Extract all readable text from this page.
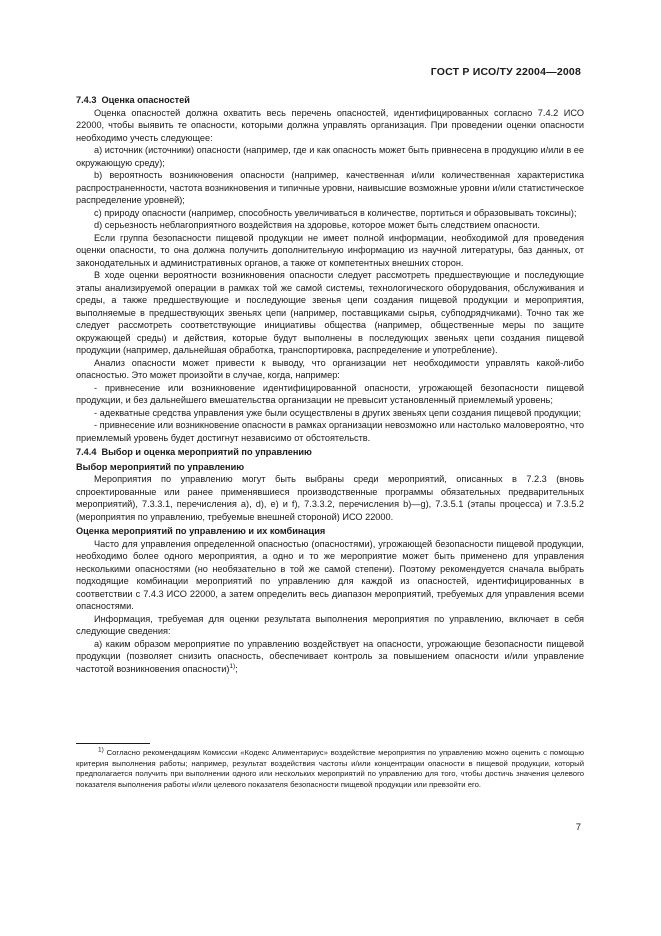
ГОСТ Р ИСО/ТУ 22004—2008

7.4.3 Оценка опасностей

Оценка опасностей должна охватить весь перечень опасностей, идентифицированных согласно 7.4.2 ИСО 22000, чтобы выявить те опасности, которыми должна управлять организация. При проведении оценки опасности необходимо учесть следующее:

a) источник (источники) опасности (например, где и как опасность может быть привнесена в продукцию и/или в ее окружающую среду);

b) вероятность возникновения опасности (например, качественная и/или количественная характеристика распространенности, частота возникновения и типичные уровни, наивысшие возможные уровни и/или статистическое распределение уровней);

c) природу опасности (например, способность увеличиваться в количестве, портиться и образовывать токсины);

d) серьезность неблагоприятного воздействия на здоровье, которое может быть следствием опасности.

Если группа безопасности пищевой продукции не имеет полной информации, необходимой для проведения оценки опасности, то она должна получить дополнительную информацию из научной литературы, баз данных, от законодательных и административных органов, а также от компетентных внешних сторон.

В ходе оценки вероятности возникновения опасности следует рассмотреть предшествующие и последующие этапы анализируемой операции в рамках той же самой системы, технологического оборудования, обслуживания и среды, а также предшествующие и последующие звенья цепи создания пищевой продукции и мероприятия, выполняемые в предшествующих звеньях цепи (например, поставщиками сырья, субподрядчиками). Точно так же следует рассмотреть соответствующие инициативы общества (например, общественные меры по защите окружающей среды) и действия, которые будут выполнены в последующих звеньях цепи создания пищевой продукции (например, дальнейшая обработка, транспортировка, распределение и употребление).

Анализ опасности может привести к выводу, что организации нет необходимости управлять какой-либо опасностью. Это может произойти в случае, когда, например:

- привнесение или возникновение идентифицированной опасности, угрожающей безопасности пищевой продукции, и без дальнейшего вмешательства организации не превысит установленный приемлемый уровень;

- адекватные средства управления уже были осуществлены в других звеньях цепи создания пищевой продукции;

- привнесение или возникновение опасности в рамках организации невозможно или настолько маловероятно, что приемлемый уровень будет достигнут независимо от обстоятельств.

7.4.4 Выбор и оценка мероприятий по управлению

Выбор мероприятий по управлению

Мероприятия по управлению могут быть выбраны среди мероприятий, описанных в 7.2.3 (вновь спроектированные или ранее применявшиеся производственные программы обязательных предварительных мероприятий), 7.3.3.1, перечисления a), d), e) и f), 7.3.3.2, перечисления b)—g), 7.3.5.1 (этапы процесса) и 7.3.5.2 (мероприятия по управлению, требуемые внешней стороной) ИСО 22000.

Оценка мероприятий по управлению и их комбинация

Часто для управления определенной опасностью (опасностями), угрожающей безопасности пищевой продукции, необходимо более одного мероприятия, а одно и то же мероприятие может быть применено для управления несколькими опасностями (но необязательно в той же самой степени). Поэтому рекомендуется сначала выбрать подходящие комбинации мероприятий по управлению для каждой из опасностей, идентифицированных в соответствии с 7.4.3 ИСО 22000, а затем определить весь диапазон мероприятий, требуемых для управления всеми опасностями.

Информация, требуемая для оценки результата выполнения мероприятия по управлению, включает в себя следующие сведения:

a) каким образом мероприятие по управлению воздействует на опасности, угрожающие безопасности пищевой продукции (позволяет снизить опасность, обеспечивает контроль за повышением опасности и/или управление частотой возникновения опасности)$^{1)}$;

$^{1)}$ Согласно рекомендациям Комиссии «Кодекс Алиментариус» воздействие мероприятия по управлению можно оценить с помощью критерия выполнения работы; например, результат воздействия частоты и/или концентрации опасности в пищевой продукции, который предполагается получить при выполнении одного или нескольких мероприятий по управлению для того, чтобы достичь значения целевого показателя выполнения работы и/или целевого показателя безопасности пищевой продукции или превзойти его.
7
